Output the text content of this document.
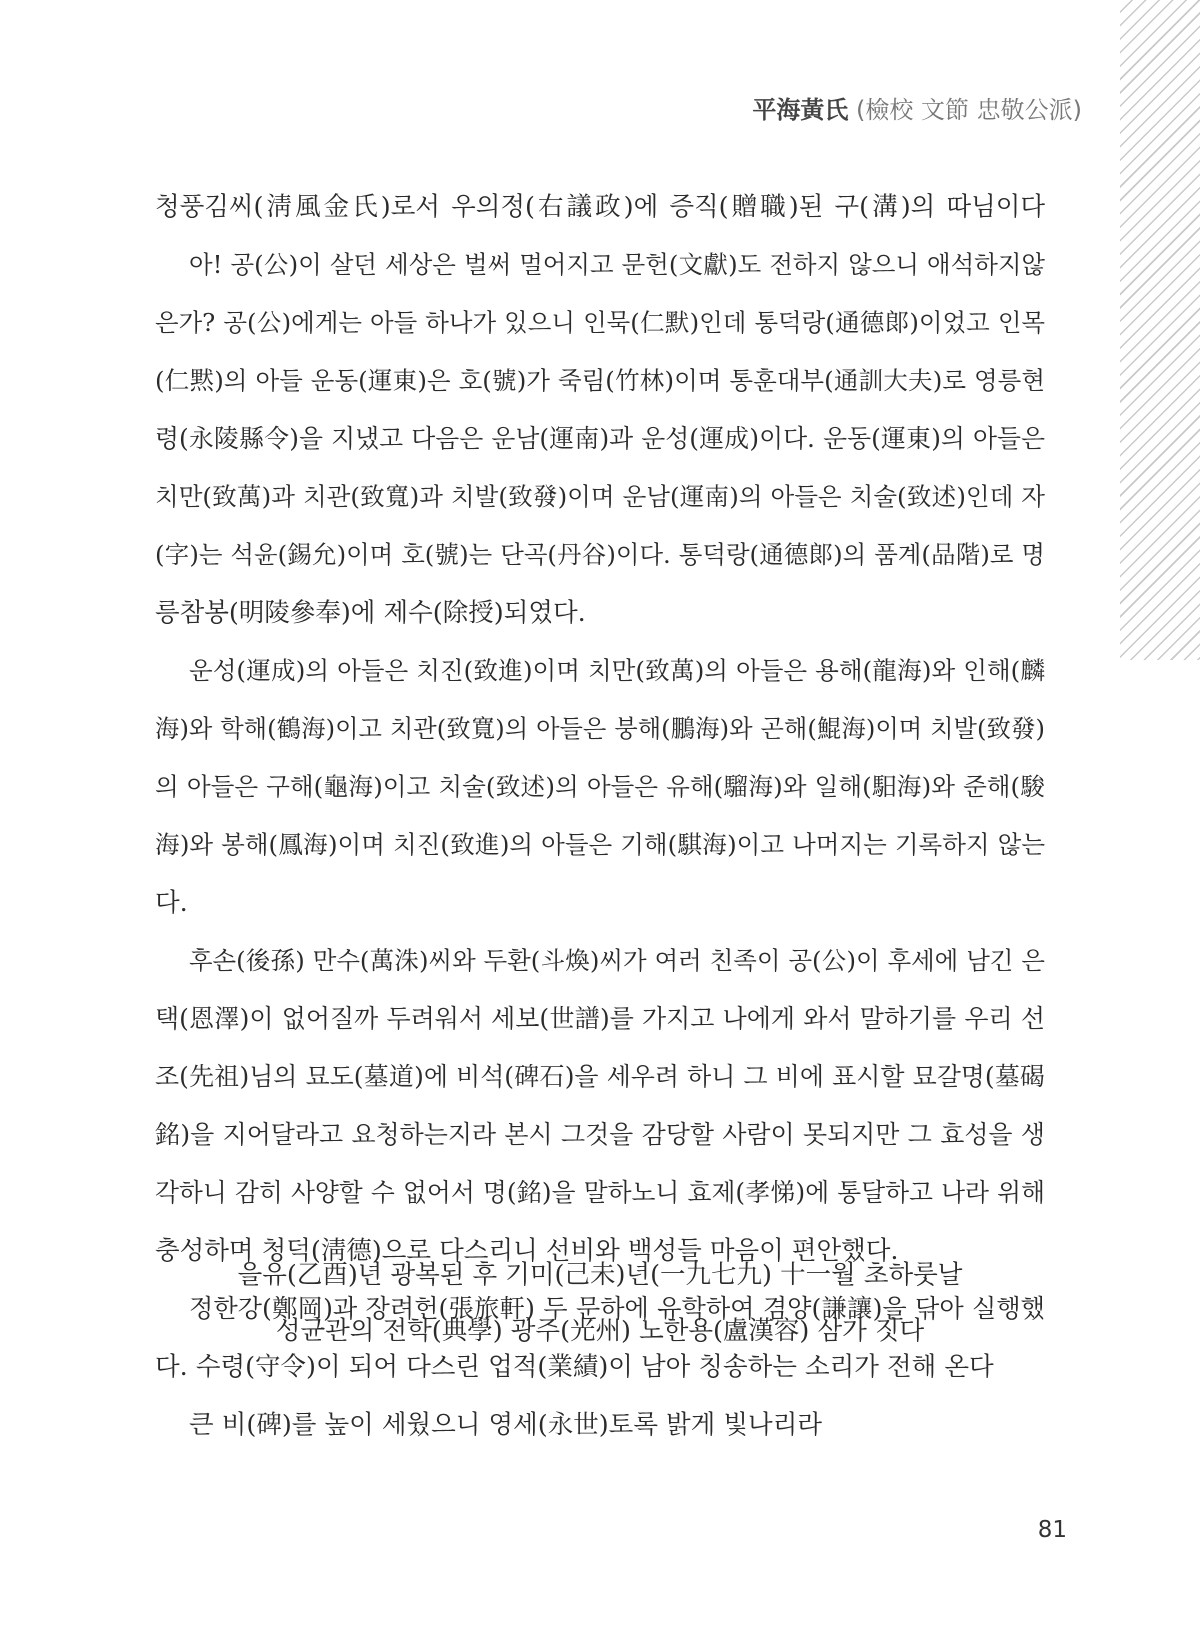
平海黃氏 (檢校 文節 忠敬公派)
청풍김씨(淸風金氏)로서 우의정(右議政)에 증직(贈職)된 구(溝)의 따님이다
아! 공(公)이 살던 세상은 벌써 멀어지고 문헌(文獻)도 전하지 않으니 애석하지않
은가? 공(公)에게는 아들 하나가 있으니 인묵(仁默)인데 통덕랑(通德郞)이었고 인목
(仁黙)의 아들 운동(運東)은 호(號)가 죽림(竹林)이며 통훈대부(通訓大夫)로 영릉현
령(永陵縣令)을 지냈고 다음은 운남(運南)과 운성(運成)이다. 운동(運東)의 아들은
치만(致萬)과 치관(致寬)과 치발(致發)이며 운남(運南)의 아들은 치술(致述)인데 자
(字)는 석윤(錫允)이며 호(號)는 단곡(丹谷)이다. 통덕랑(通德郞)의 품계(品階)로 명
릉참봉(明陵參奉)에 제수(除授)되였다.
운성(運成)의 아들은 치진(致進)이며 치만(致萬)의 아들은 용해(龍海)와 인해(麟
海)와 학해(鶴海)이고 치관(致寬)의 아들은 붕해(鵬海)와 곤해(鯤海)이며 치발(致發)
의 아들은 구해(龜海)이고 치술(致述)의 아들은 유해(騮海)와 일해(馹海)와 준해(駿
海)와 봉해(鳳海)이며 치진(致進)의 아들은 기해(騏海)이고 나머지는 기록하지 않는
다.
후손(後孫) 만수(萬洙)씨와 두환(斗煥)씨가 여러 친족이 공(公)이 후세에 남긴 은
택(恩澤)이 없어질까 두려워서 세보(世譜)를 가지고 나에게 와서 말하기를 우리 선
조(先祖)님의 묘도(墓道)에 비석(碑石)을 세우려 하니 그 비에 표시할 묘갈명(墓碣
銘)을 지어달라고 요청하는지라 본시 그것을 감당할 사람이 못되지만 그 효성을 생
각하니 감히 사양할 수 없어서 명(銘)을 말하노니 효제(孝悌)에 통달하고 나라 위해
충성하며 청덕(淸德)으로 다스리니 선비와 백성들 마음이 편안했다.
정한강(鄭岡)과 장려헌(張旅軒) 두 문하에 유학하여 겸양(謙讓)을 닦아 실행했
다. 수령(守令)이 되어 다스린 업적(業績)이 남아 칭송하는 소리가 전해 온다
큰 비(碑)를 높이 세웠으니 영세(永世)토록 밝게 빛나리라
을유(乙酉)년 광복된 후 기미(己未)년(一九七九) 十一월 초하룻날
성균관의 전학(典學) 광주(光州) 노한용(盧漢容) 삼가 짓다
81
